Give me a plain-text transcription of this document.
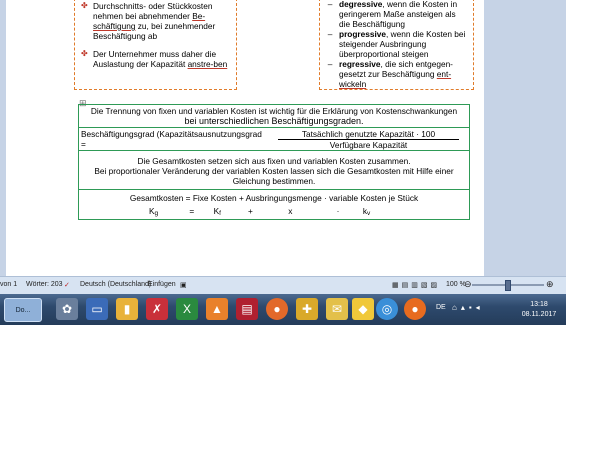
✤ Durchschnitts- oder Stückkosten nehmen bei abnehmender Be-schäftigung zu, bei zunehmender Beschäftigung ab
✤ Der Unternehmer muss daher die Auslastung der Kapazität anstre-ben
– degressive, wenn die Kosten in geringerem Maße ansteigen als die Beschäftigung
– progressive, wenn die Kosten bei steigender Ausbringung überproportional steigen
– regressive, die sich entgegen-gesetzt zur Beschäftigung ent-wickeln
⊞
Die Trennung von fixen und variablen Kosten ist wichtig für die Erklärung von Kostenschwankungen
bei unterschiedlichen Beschäftigungsgraden.

Beschäftigungsgrad (Kapazitätsausnutzungsgrad =	
Tatsächlich genutzte Kapazität · 100
Verfügbare Kapazität

Die Gesamtkosten setzen sich aus fixen und variablen Kosten zusammen.
Bei proportionaler Veränderung der variablen Kosten lassen sich die Gesamtkosten mit Hilfe einer Gleichung bestimmen.

Gesamtkosten = Fixe Kosten + Ausbringungsmenge · variable Kosten je Stück
Kg	= Kf	+	x	·	kv
von 1 Wörter: 203 ✓ Deutsch (Deutschland)
Einfügen ▣	▦▤▥▧▨ 100 %
⊖	⊕
Do...	✿	▭	▮	✗	X	▲	▤	●	✚	✉	◆	◎	●	DE ⌂▴▪◂	13:18
08.11.2017
